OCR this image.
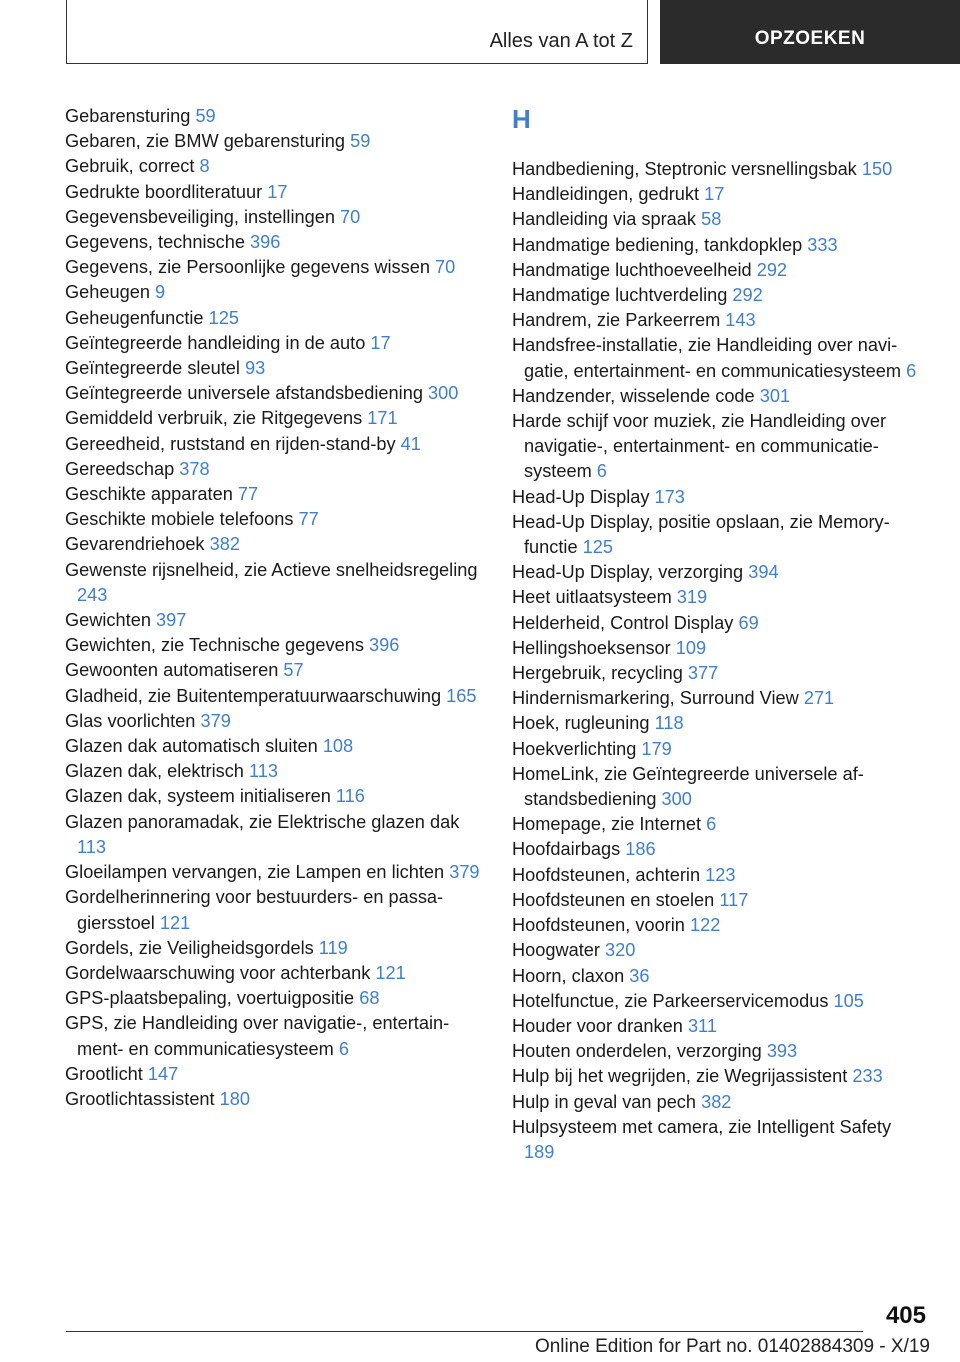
Alles van A tot Z	OPZOEKEN
Gebarensturing 59
Gebaren, zie BMW gebarensturing 59
Gebruik, correct 8
Gedrukte boordliteratuur 17
Gegevensbeveiliging, instellingen 70
Gegevens, technische 396
Gegevens, zie Persoonlijke gegevens wissen 70
Geheugen 9
Geheugenfunctie 125
Geïntegreerde handleiding in de auto 17
Geïntegreerde sleutel 93
Geïntegreerde universele afstandsbediening 300
Gemiddeld verbruik, zie Ritgegevens 171
Gereedheid, ruststand en rijden-stand-by 41
Gereedschap 378
Geschikte apparaten 77
Geschikte mobiele telefoons 77
Gevarendriehoek 382
Gewenste rijsnelheid, zie Actieve snelheidsregeling 243
Gewichten 397
Gewichten, zie Technische gegevens 396
Gewoonten automatiseren 57
Gladheid, zie Buitentemperatuurwaarschuwing 165
Glas voorlichten 379
Glazen dak automatisch sluiten 108
Glazen dak, elektrisch 113
Glazen dak, systeem initialiseren 116
Glazen panoramadak, zie Elektrische glazen dak 113
Gloeilampen vervangen, zie Lampen en lichten 379
Gordelherinnering voor bestuurders- en passagiersstoel 121
Gordels, zie Veiligheidsgordels 119
Gordelwaarschuwing voor achterbank 121
GPS-plaatsbepaling, voertuigpositie 68
GPS, zie Handleiding over navigatie-, entertainment- en communicatiesysteem 6
Grootlicht 147
Grootlichtassistent 180
H
Handbediening, Steptronic versnellingsbak 150
Handleidingen, gedrukt 17
Handleiding via spraak 58
Handmatige bediening, tankdopklep 333
Handmatige luchthoeveelheid 292
Handmatige luchtverdeling 292
Handrem, zie Parkeerrem 143
Handsfree-installatie, zie Handleiding over navigatie, entertainment- en communicatiesysteem 6
Handzender, wisselende code 301
Harde schijf voor muziek, zie Handleiding over navigatie-, entertainment- en communicatiesysteem 6
Head-Up Display 173
Head-Up Display, positie opslaan, zie Memory-functie 125
Head-Up Display, verzorging 394
Heet uitlaatsysteem 319
Helderheid, Control Display 69
Hellingshoeksensor 109
Hergebruik, recycling 377
Hindernismarkering, Surround View 271
Hoek, rugleuning 118
Hoekverlichting 179
HomeLink, zie Geïntegreerde universele afstandsbediening 300
Homepage, zie Internet 6
Hoofdairbags 186
Hoofdsteunen, achterin 123
Hoofdsteunen en stoelen 117
Hoofdsteunen, voorin 122
Hoogwater 320
Hoorn, claxon 36
Hotelfunctue, zie Parkeerservicemodus 105
Houder voor dranken 311
Houten onderdelen, verzorging 393
Hulp bij het wegrijden, zie Wegrijassistent 233
Hulp in geval van pech 382
Hulpsysteem met camera, zie Intelligent Safety 189
405
Online Edition for Part no. 01402884309 - X/19
